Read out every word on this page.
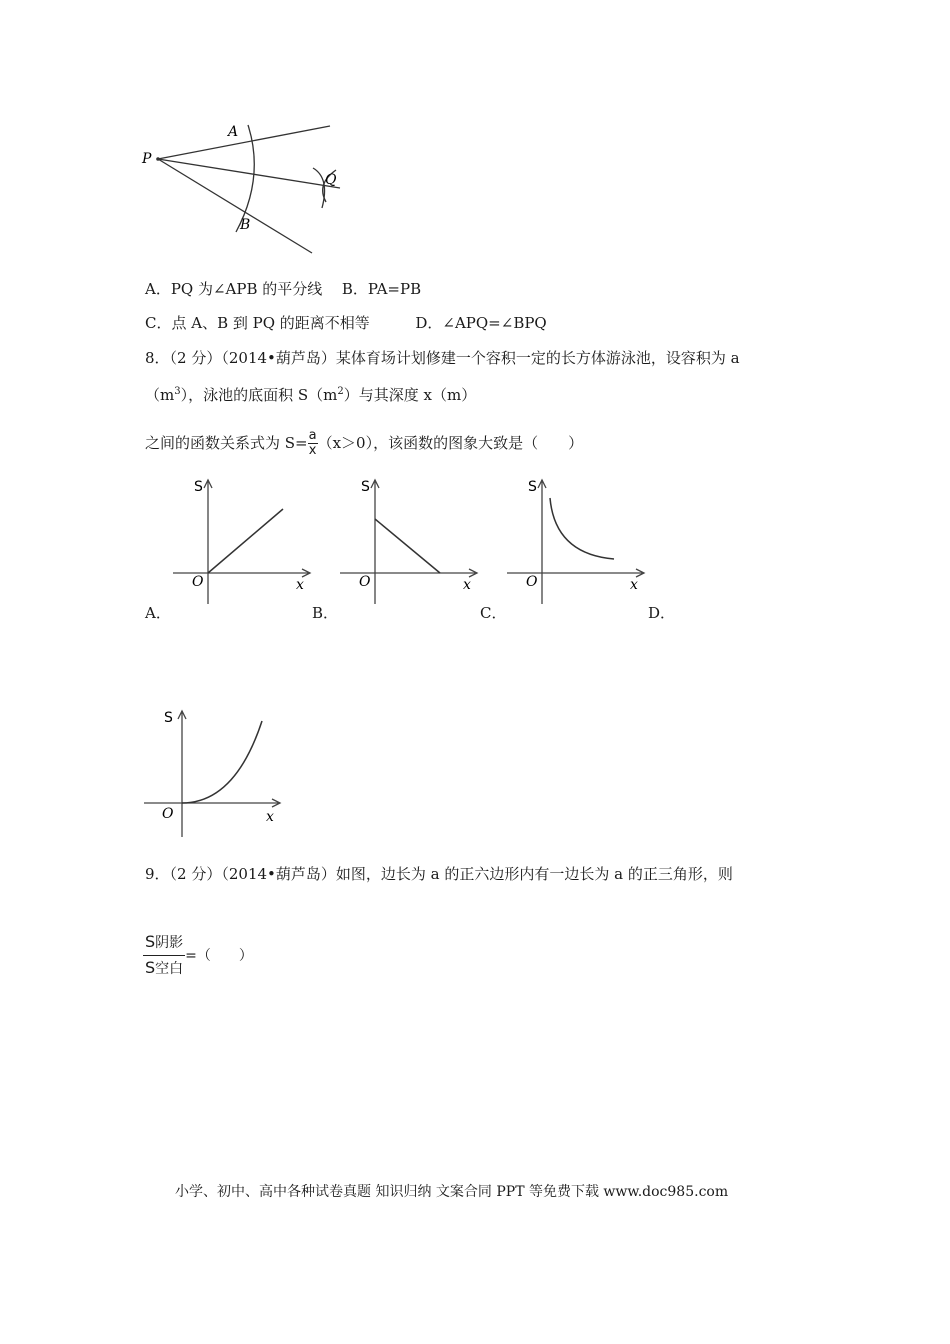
P
A
B
Q
A．PQ 为∠APB 的平分线 B．PA=PB
C．点 A、B 到 PQ 的距离不相等	D．∠APQ=∠BPQ
8．（2 分）（2014•葫芦岛）某体育场计划修建一个容积一定的长方体游泳池，设容积为 a
$(m^3)$，泳池的底面积 $S(m^2)$与其深度 x（m）
之间的函数关系式为 $S= \frac{a}{x} (x>0)$，该函数的图象大致是（　　）
S
O	x
S
O	x
S
O	x
A．	B．	C．	D．
S
O	x
9．（2 分）（2014•葫芦岛）如图，边长为 a 的正六边形内有一边长为 a 的正三角形，则
$\frac{\text{S阴影}}{\text{S空白}}$ =（　　）
小学、初中、高中各种试卷真题 知识归纳 文案合同 PPT 等免费下载 www.doc985.com
